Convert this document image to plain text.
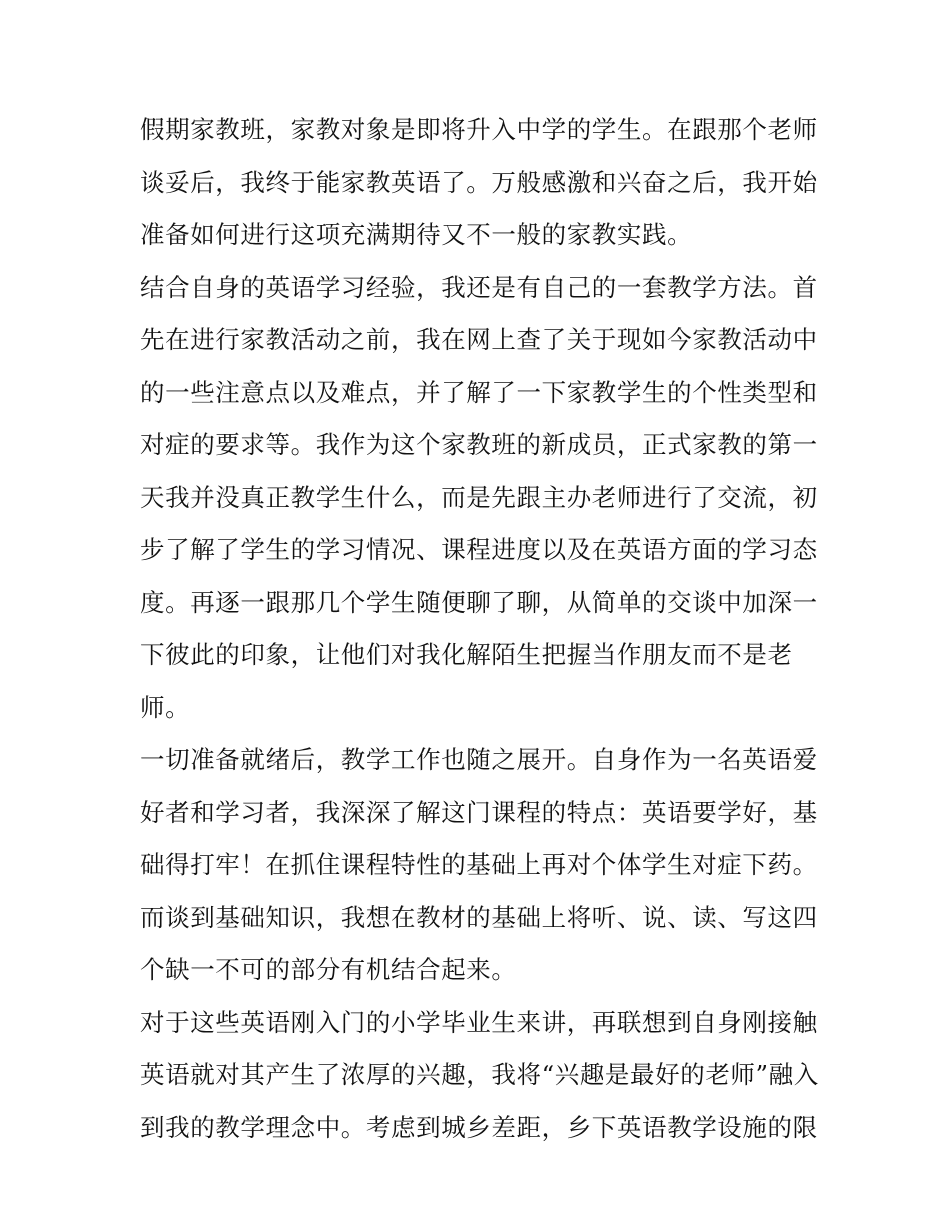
假期家教班，家教对象是即将升入中学的学生。在跟那个老师
谈妥后，我终于能家教英语了。万般感激和兴奋之后，我开始
准备如何进行这项充满期待又不一般的家教实践。
结合自身的英语学习经验，我还是有自己的一套教学方法。首
先在进行家教活动之前，我在网上查了关于现如今家教活动中
的一些注意点以及难点，并了解了一下家教学生的个性类型和
对症的要求等。我作为这个家教班的新成员，正式家教的第一
天我并没真正教学生什么，而是先跟主办老师进行了交流，初
步了解了学生的学习情况、课程进度以及在英语方面的学习态
度。再逐一跟那几个学生随便聊了聊，从简单的交谈中加深一
下彼此的印象，让他们对我化解陌生把握当作朋友而不是老
师。
一切准备就绪后，教学工作也随之展开。自身作为一名英语爱
好者和学习者，我深深了解这门课程的特点：英语要学好，基
础得打牢！在抓住课程特性的基础上再对个体学生对症下药。
而谈到基础知识，我想在教材的基础上将听、说、读、写这四
个缺一不可的部分有机结合起来。
对于这些英语刚入门的小学毕业生来讲，再联想到自身刚接触
英语就对其产生了浓厚的兴趣，我将“兴趣是最好的老师”融入
到我的教学理念中。考虑到城乡差距，乡下英语教学设施的限
